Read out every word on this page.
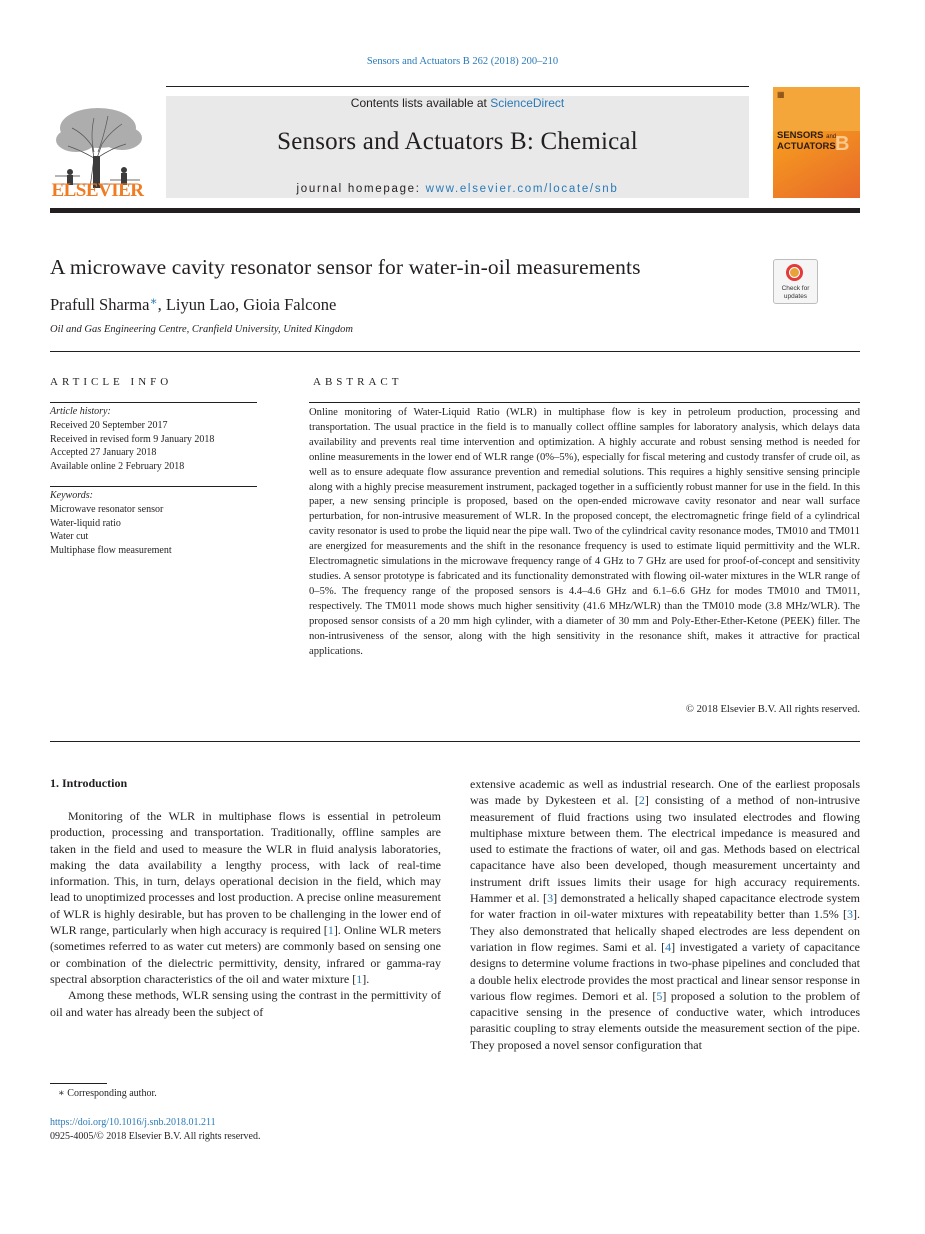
Sensors and Actuators B 262 (2018) 200–210
ELSEVIER
Contents lists available at ScienceDirect
Sensors and Actuators B: Chemical
journal homepage: www.elsevier.com/locate/snb
▦
SENSORS and
ACTUATORS B
A microwave cavity resonator sensor for water-in-oil measurements
Check for
updates
Prafull Sharma∗, Liyun Lao, Gioia Falcone
Oil and Gas Engineering Centre, Cranfield University, United Kingdom
ARTICLE INFO
Article history:
Received 20 September 2017
Received in revised form 9 January 2018
Accepted 27 January 2018
Available online 2 February 2018
Keywords:
Microwave resonator sensor
Water-liquid ratio
Water cut
Multiphase flow measurement
ABSTRACT
Online monitoring of Water-Liquid Ratio (WLR) in multiphase flow is key in petroleum production, processing and transportation. The usual practice in the field is to manually collect offline samples for laboratory analysis, which delays data availability and prevents real time intervention and optimization. A highly accurate and robust sensing method is needed for online measurements in the lower end of WLR range (0%–5%), especially for fiscal metering and custody transfer of crude oil, as well as to ensure adequate flow assurance prevention and remedial solutions. This requires a highly sensitive sensing principle along with a highly precise measurement instrument, packaged together in a sufficiently robust manner for use in the field. In this paper, a new sensing principle is proposed, based on the open-ended microwave cavity resonator and near wall surface perturbation, for non-intrusive measurement of WLR. In the proposed concept, the electromagnetic fringe field of a cylindrical cavity resonator is used to probe the liquid near the pipe wall. Two of the cylindrical cavity resonance modes, TM010 and TM011 are energized for measurements and the shift in the resonance frequency is used to estimate liquid permittivity and the WLR. Electromagnetic simulations in the microwave frequency range of 4 GHz to 7 GHz are used for proof-of-concept and sensitivity studies. A sensor prototype is fabricated and its functionality demonstrated with flowing oil-water mixtures in the WLR range of 0–5%. The frequency range of the proposed sensors is 4.4–4.6 GHz and 6.1–6.6 GHz for modes TM010 and TM011, respectively. The TM011 mode shows much higher sensitivity (41.6 MHz/WLR) than the TM010 mode (3.8 MHz/WLR). The proposed sensor consists of a 20 mm high cylinder, with a diameter of 30 mm and Poly-Ether-Ether-Ketone (PEEK) filler. The non-intrusiveness of the sensor, along with the high sensitivity in the resonance shift, makes it attractive for practical applications.
© 2018 Elsevier B.V. All rights reserved.
1. Introduction

Monitoring of the WLR in multiphase flows is essential in petroleum production, processing and transportation. Traditionally, offline samples are taken in the field and used to measure the WLR in fluid analysis laboratories, making the data availability a lengthy process, with lack of real-time information. This, in turn, delays operational decision in the field, which may lead to unoptimized processes and lost production. A precise online measurement of WLR is highly desirable, but has proven to be challenging in the lower end of WLR range, particularly when high accuracy is required [1]. Online WLR meters (sometimes referred to as water cut meters) are commonly based on sensing one or combination of the dielectric permittivity, density, infrared or gamma-ray spectral absorption characteristics of the oil and water mixture [1].

Among these methods, WLR sensing using the contrast in the permittivity of oil and water has already been the subject of

extensive academic as well as industrial research. One of the earliest proposals was made by Dykesteen et al. [2] consisting of a method of non-intrusive measurement of fluid fractions using two insulated electrodes and flowing multiphase mixture between them. The electrical impedance is measured and used to estimate the fractions of water, oil and gas. Methods based on electrical capacitance have also been developed, though measurement uncertainty and instrument drift issues limits their usage for high accuracy requirements. Hammer et al. [3] demonstrated a helically shaped capacitance electrode system for water fraction in oil-water mixtures with repeatability better than 1.5% [3]. They also demonstrated that helically shaped electrodes are less dependent on variation in flow regimes. Sami et al. [4] investigated a variety of capacitance designs to determine volume fractions in two-phase pipelines and concluded that a double helix electrode provides the most practical and linear sensor response in various flow regimes. Demori et al. [5] proposed a solution to the problem of capacitive sensing in the presence of conductive water, which introduces parasitic coupling to stray elements outside the measurement section of the pipe. They proposed a novel sensor configuration that

∗ Corresponding author.
https://doi.org/10.1016/j.snb.2018.01.211
0925-4005/© 2018 Elsevier B.V. All rights reserved.
